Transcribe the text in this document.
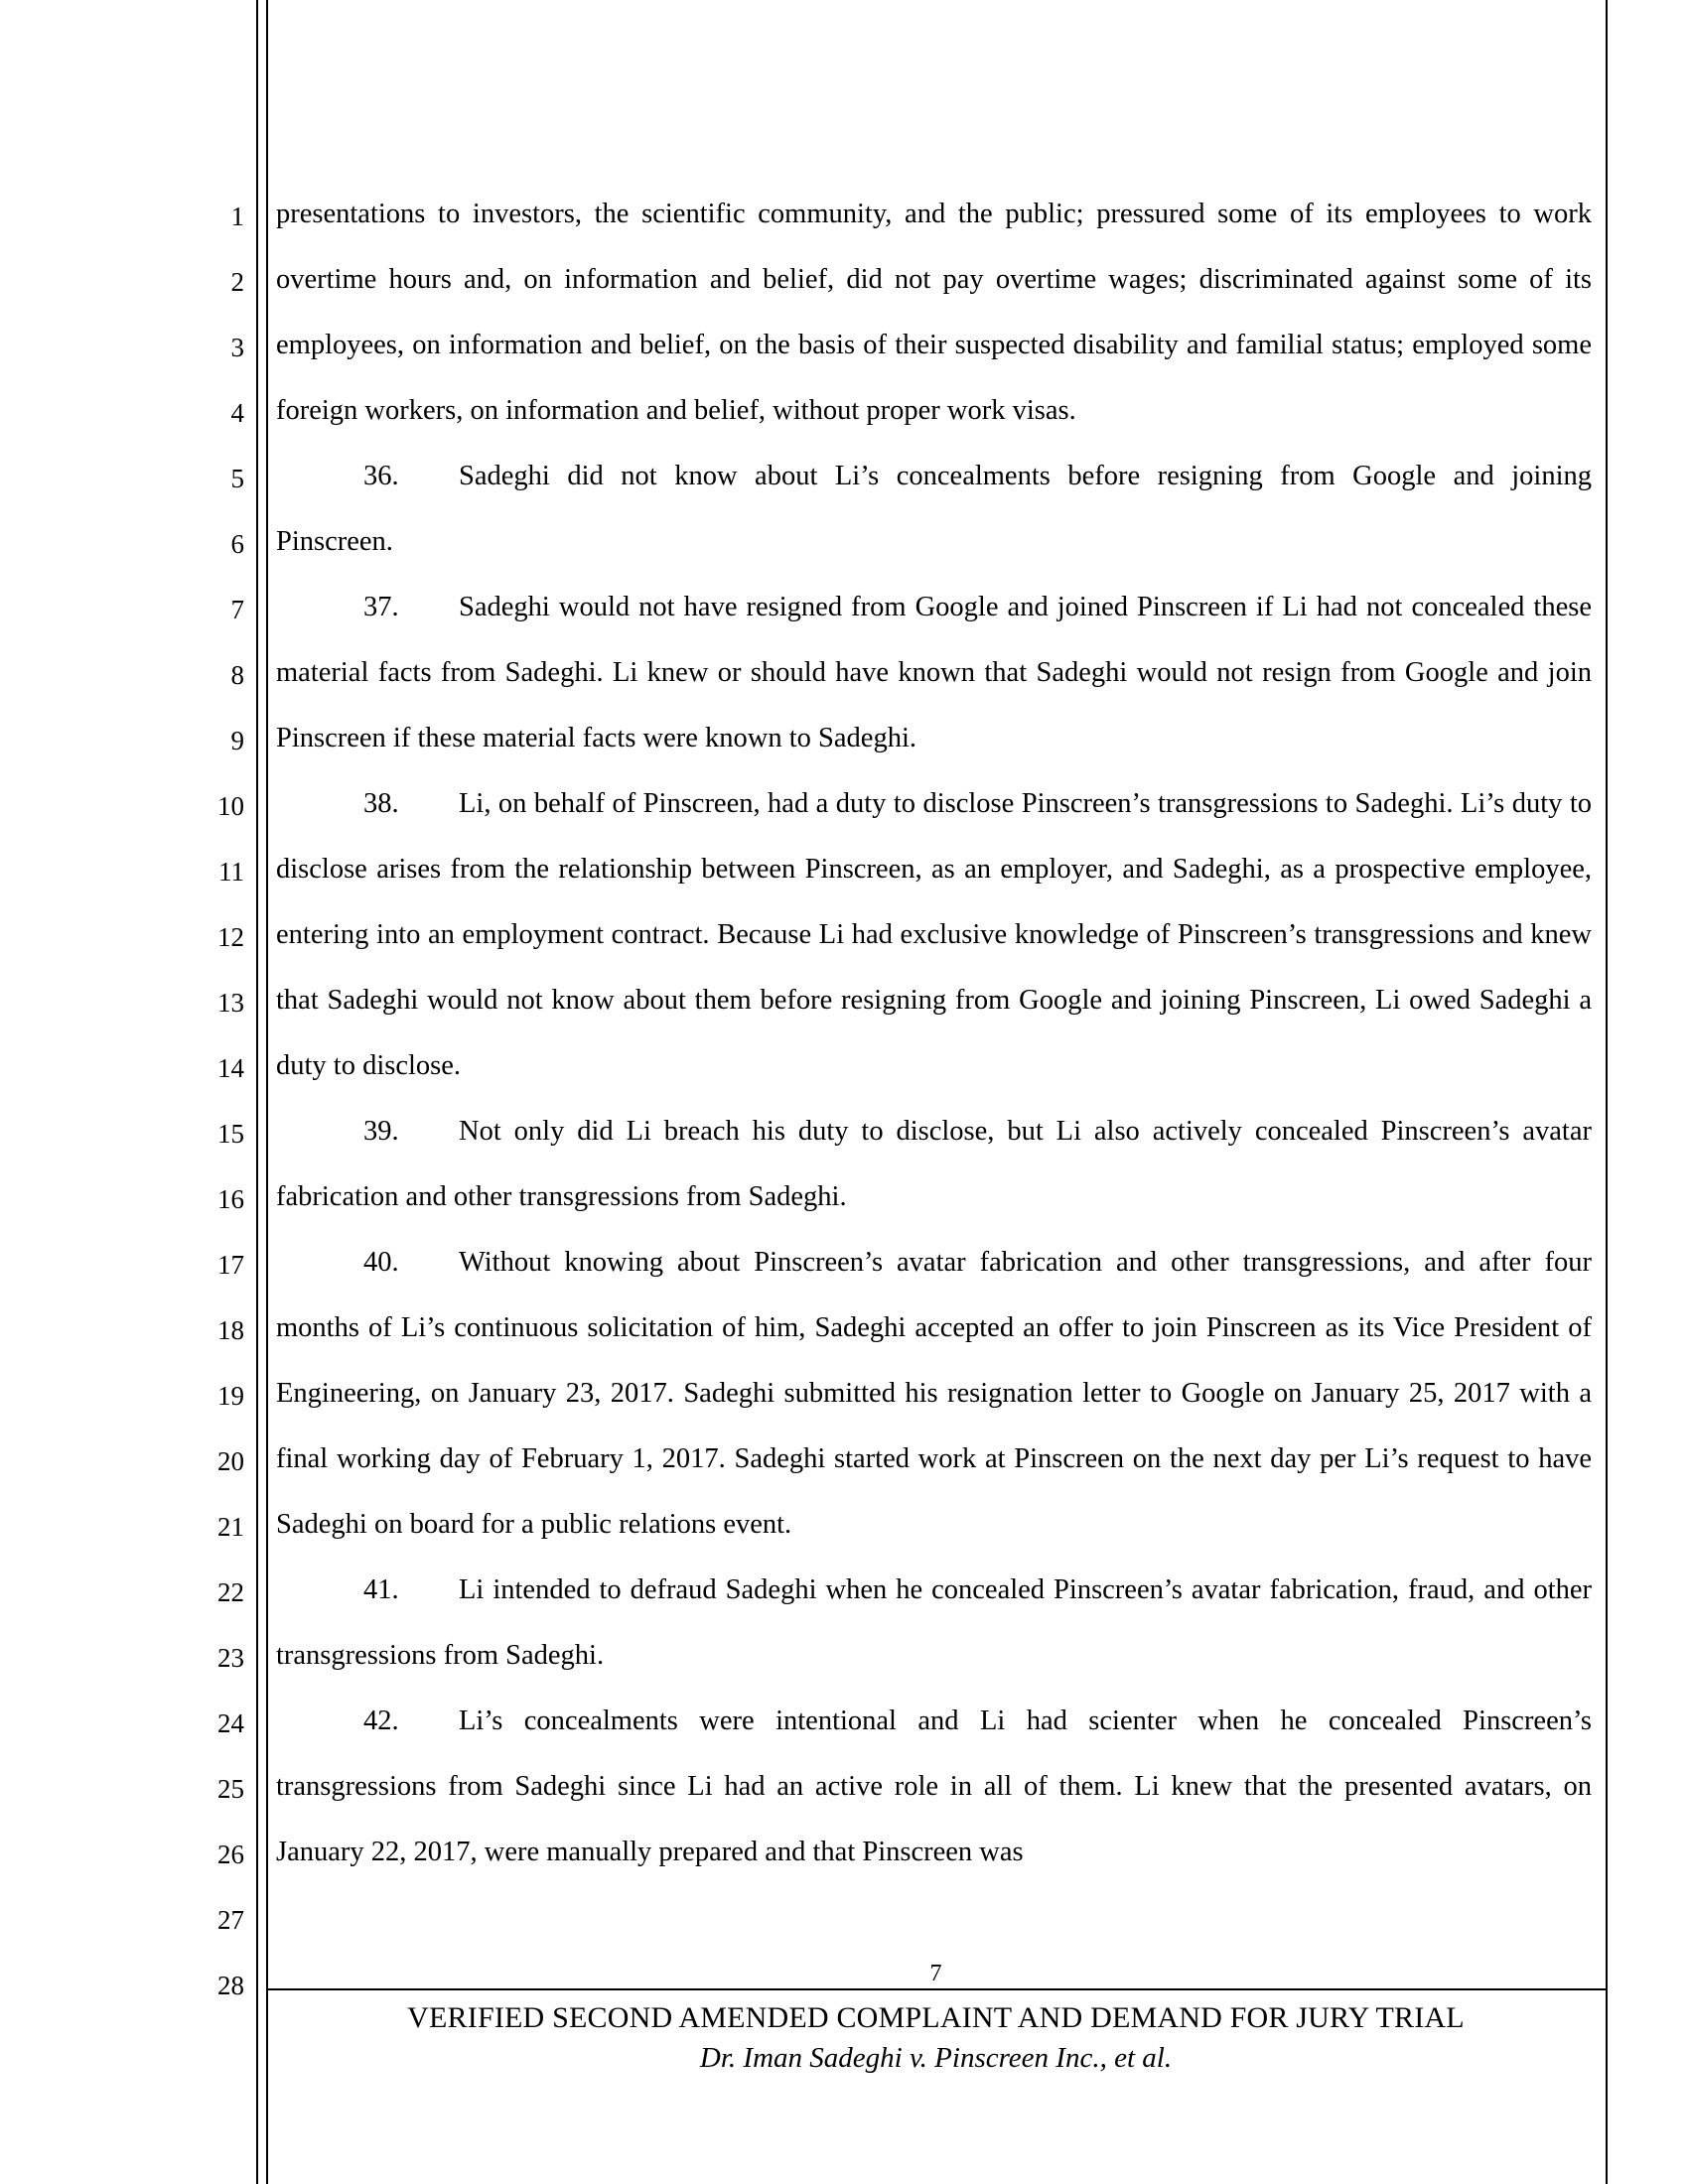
1
2
3
4
5
6
7
8
9
10
11
12
13
14
15
16
17
18
19
20
21
22
23
24
25
26
27
28

presentations to investors, the scientific community, and the public; pressured some of its employees to work overtime hours and, on information and belief, did not pay overtime wages; discriminated against some of its employees, on information and belief, on the basis of their suspected disability and familial status; employed some foreign workers, on information and belief, without proper work visas.

36. Sadeghi did not know about Li’s concealments before resigning from Google and joining Pinscreen.

37. Sadeghi would not have resigned from Google and joined Pinscreen if Li had not concealed these material facts from Sadeghi. Li knew or should have known that Sadeghi would not resign from Google and join Pinscreen if these material facts were known to Sadeghi.

38. Li, on behalf of Pinscreen, had a duty to disclose Pinscreen’s transgressions to Sadeghi. Li’s duty to disclose arises from the relationship between Pinscreen, as an employer, and Sadeghi, as a prospective employee, entering into an employment contract. Because Li had exclusive knowledge of Pinscreen’s transgressions and knew that Sadeghi would not know about them before resigning from Google and joining Pinscreen, Li owed Sadeghi a duty to disclose.

39. Not only did Li breach his duty to disclose, but Li also actively concealed Pinscreen’s avatar fabrication and other transgressions from Sadeghi.

40. Without knowing about Pinscreen’s avatar fabrication and other transgressions, and after four months of Li’s continuous solicitation of him, Sadeghi accepted an offer to join Pinscreen as its Vice President of Engineering, on January 23, 2017. Sadeghi submitted his resignation letter to Google on January 25, 2017 with a final working day of February 1, 2017. Sadeghi started work at Pinscreen on the next day per Li’s request to have Sadeghi on board for a public relations event.

41. Li intended to defraud Sadeghi when he concealed Pinscreen’s avatar fabrication, fraud, and other transgressions from Sadeghi.

42. Li’s concealments were intentional and Li had scienter when he concealed Pinscreen’s transgressions from Sadeghi since Li had an active role in all of them. Li knew that the presented avatars, on January 22, 2017, were manually prepared and that Pinscreen was

7
VERIFIED SECOND AMENDED COMPLAINT AND DEMAND FOR JURY TRIAL
Dr. Iman Sadeghi v. Pinscreen Inc., et al.
